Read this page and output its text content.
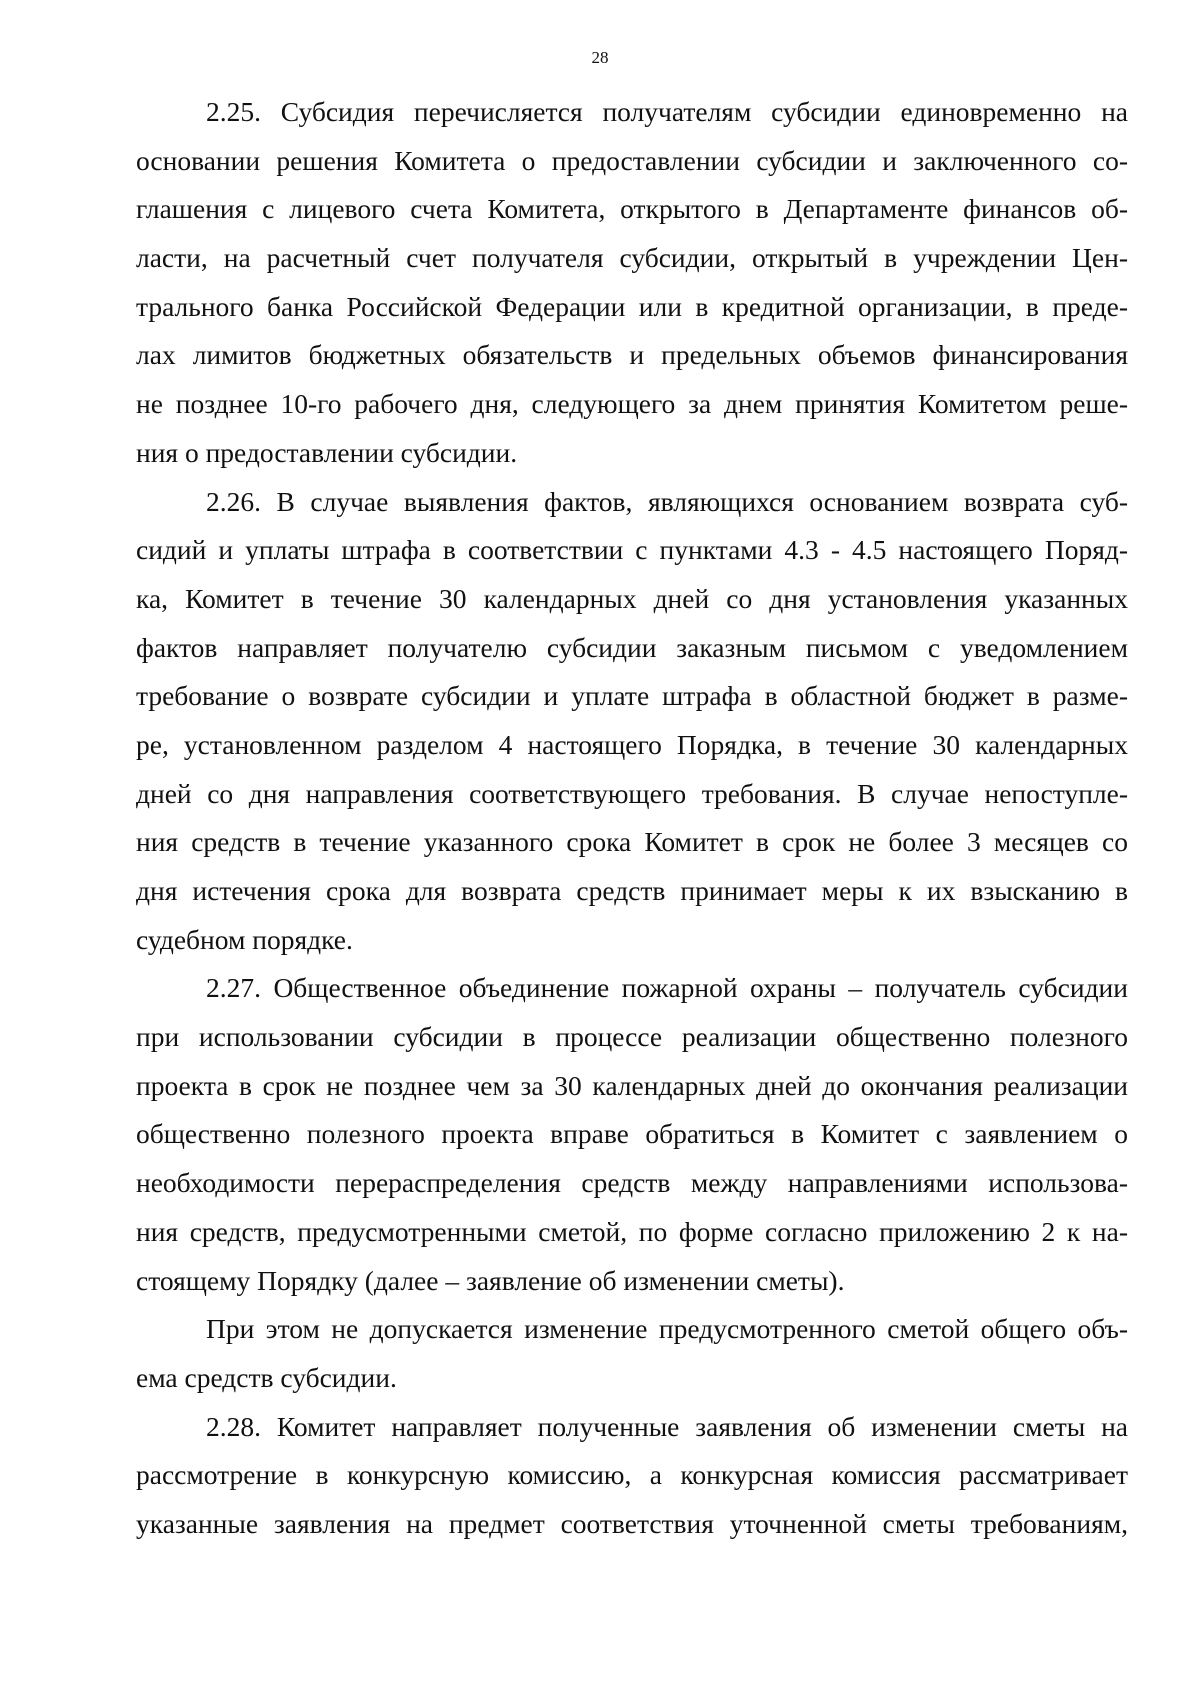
28
2.25. Субсидия перечисляется получателям субсидии единовременно на
основании решения Комитета о предоставлении субсидии и заключенного со-
глашения с лицевого счета Комитета, открытого в Департаменте финансов об-
ласти, на расчетный счет получателя субсидии, открытый в учреждении Цен-
трального банка Российской Федерации или в кредитной организации, в преде-
лах лимитов бюджетных обязательств и предельных объемов финансирования
не позднее 10-го рабочего дня, следующего за днем принятия Комитетом реше-
ния о предоставлении субсидии.
2.26. В случае выявления фактов, являющихся основанием возврата суб-
сидий и уплаты штрафа в соответствии с пунктами 4.3 - 4.5 настоящего Поряд-
ка, Комитет в течение 30 календарных дней со дня установления указанных
фактов направляет получателю субсидии заказным письмом с уведомлением
требование о возврате субсидии и уплате штрафа в областной бюджет в разме-
ре, установленном разделом 4 настоящего Порядка, в течение 30 календарных
дней со дня направления соответствующего требования. В случае непоступле-
ния средств в течение указанного срока Комитет в срок не более 3 месяцев со
дня истечения срока для возврата средств принимает меры к их взысканию в
судебном порядке.
2.27. Общественное объединение пожарной охраны – получатель субсидии
при использовании субсидии в процессе реализации общественно полезного
проекта в срок не позднее чем за 30 календарных дней до окончания реализации
общественно полезного проекта вправе обратиться в Комитет с заявлением о
необходимости перераспределения средств между направлениями использова-
ния средств, предусмотренными сметой, по форме согласно приложению 2 к на-
стоящему Порядку (далее – заявление об изменении сметы).
При этом не допускается изменение предусмотренного сметой общего объ-
ема средств субсидии.
2.28. Комитет направляет полученные заявления об изменении сметы на
рассмотрение в конкурсную комиссию, а конкурсная комиссия рассматривает
указанные заявления на предмет соответствия уточненной сметы требованиям,
